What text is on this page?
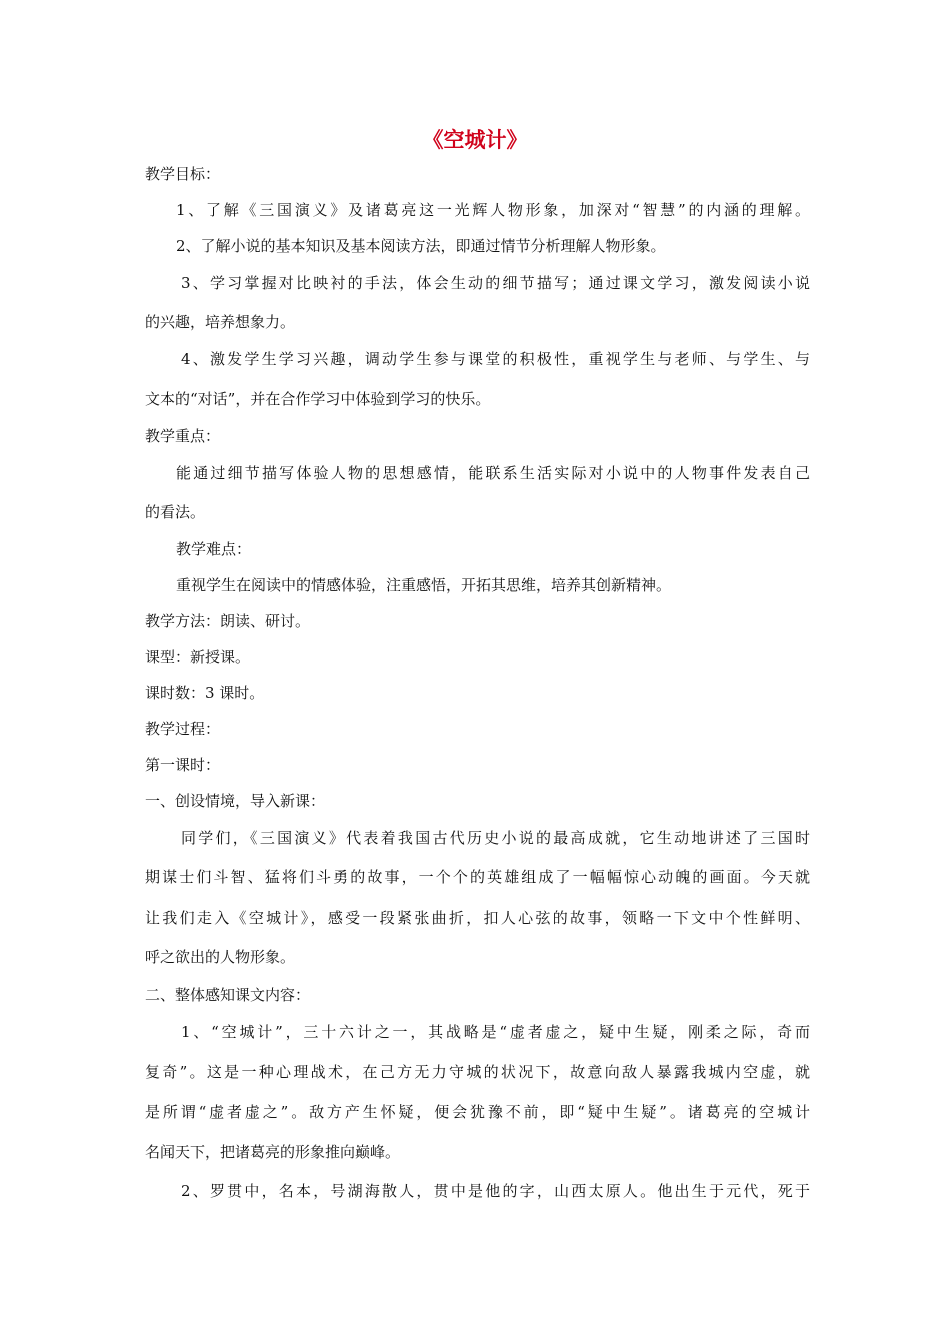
《空城计》
教学目标：
1、了解《三国演义》及诸葛亮这一光辉人物形象，加深对“智慧”的内涵的理解。
2、了解小说的基本知识及基本阅读方法，即通过情节分析理解人物形象。
3、学习掌握对比映衬的手法，体会生动的细节描写；通过课文学习，激发阅读小说
的兴趣，培养想象力。
4、激发学生学习兴趣，调动学生参与课堂的积极性，重视学生与老师、与学生、与
文本的“对话”，并在合作学习中体验到学习的快乐。
教学重点：
能通过细节描写体验人物的思想感情，能联系生活实际对小说中的人物事件发表自己
的看法。
教学难点：
重视学生在阅读中的情感体验，注重感悟，开拓其思维，培养其创新精神。
教学方法：朗读、研讨。
课型：新授课。
课时数：3 课时。
教学过程：
第一课时：
一、创设情境，导入新课：
同学们，《三国演义》代表着我国古代历史小说的最高成就，它生动地讲述了三国时
期谋士们斗智、猛将们斗勇的故事，一个个的英雄组成了一幅幅惊心动魄的画面。今天就
让我们走入《空城计》，感受一段紧张曲折，扣人心弦的故事，领略一下文中个性鲜明、
呼之欲出的人物形象。
二、整体感知课文内容：
1、“空城计”，三十六计之一，其战略是“虚者虚之，疑中生疑，刚柔之际，奇而
复奇”。这是一种心理战术，在己方无力守城的状况下，故意向敌人暴露我城内空虚，就
是所谓“虚者虚之”。敌方产生怀疑，便会犹豫不前，即“疑中生疑”。诸葛亮的空城计
名闻天下，把诸葛亮的形象推向巅峰。
2、罗贯中，名本，号湖海散人，贯中是他的字，山西太原人。他出生于元代，死于
